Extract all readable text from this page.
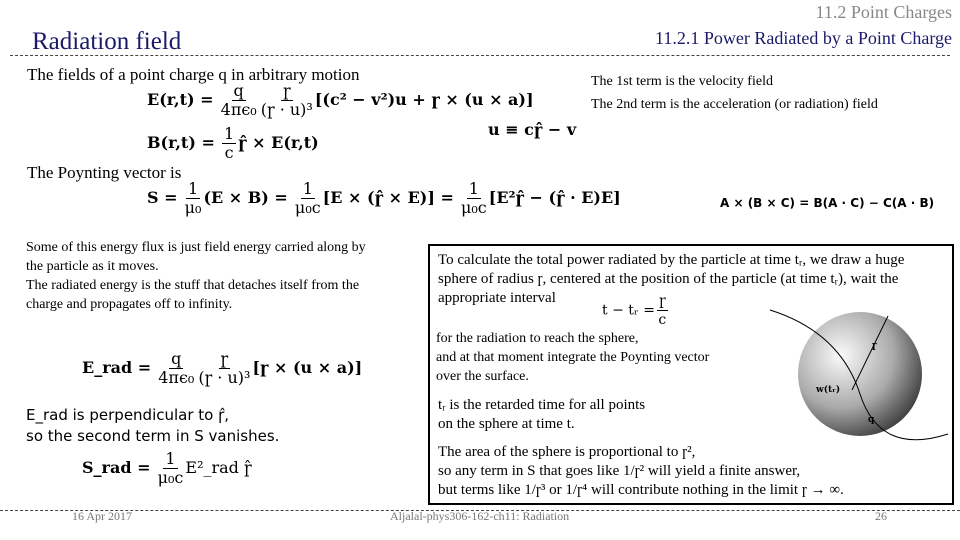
Radiation field
11.2 Point Charges
11.2.1 Power Radiated by a Point Charge
The fields of a point charge q in arbitrary motion
$E(r,t) = \frac{q}{\text{4πϵ₀}} \frac{\text{ɼ}}{\text{(ɼ · u)³}} [(c^2 - v^2)u$ + ɼ × (u × a)]
$B(r,t) = \frac{1}{c}$ ɼ̂ × E(r,t)
u ≡ cɼ̂ − v
The 1st term is the velocity field
The 2nd term is the acceleration (or radiation) field
The Poynting vector is
$S = \frac{1}{\text{μ₀}} (E \times B) = \frac{1}{\text{μ₀c}} [E$ × (ɼ̂ × $E)] = \frac{1}{\text{μ₀c}}$ [E²ɼ̂ − (ɼ̂ · E)E]	A × (B × C) = B(A · C) − C(A · B)
Some of this energy flux is just field energy carried along by
the particle as it moves.
The radiated energy is the stuff that detaches itself from the
charge and propagates off to infinity.
E_rad = $\frac{q}{\text{4πϵ₀}} \frac{\text{ɼ}}{\text{(ɼ · u)³}}$ [ɼ × (u × a)]
E_rad is perpendicular to ɼ̂,
so the second term in S vanishes.
S_rad = $\frac{1}{\text{μ₀c}}$ E²_rad ɼ̂
To calculate the total power radiated by the particle at time tᵣ, we draw a huge
sphere of radius ɼ, centered at the position of the particle (at time tᵣ), wait the
appropriate interval
t − tᵣ = $\frac{\text{ɼ}}{c}$
for the radiation to reach the sphere,
and at that moment integrate the Poynting vector
over the surface.
tᵣ is the retarded time for all points
on the sphere at time t.
The area of the sphere is proportional to ɼ²,
so any term in S that goes like 1/ɼ² will yield a finite answer,
but terms like 1/ɼ³ or 1/ɼ⁴ will contribute nothing in the limit ɼ → ∞.
w(tᵣ)
q
ɼ
16 Apr 2017	Aljalal-phys306-162-ch11: Radiation	26
